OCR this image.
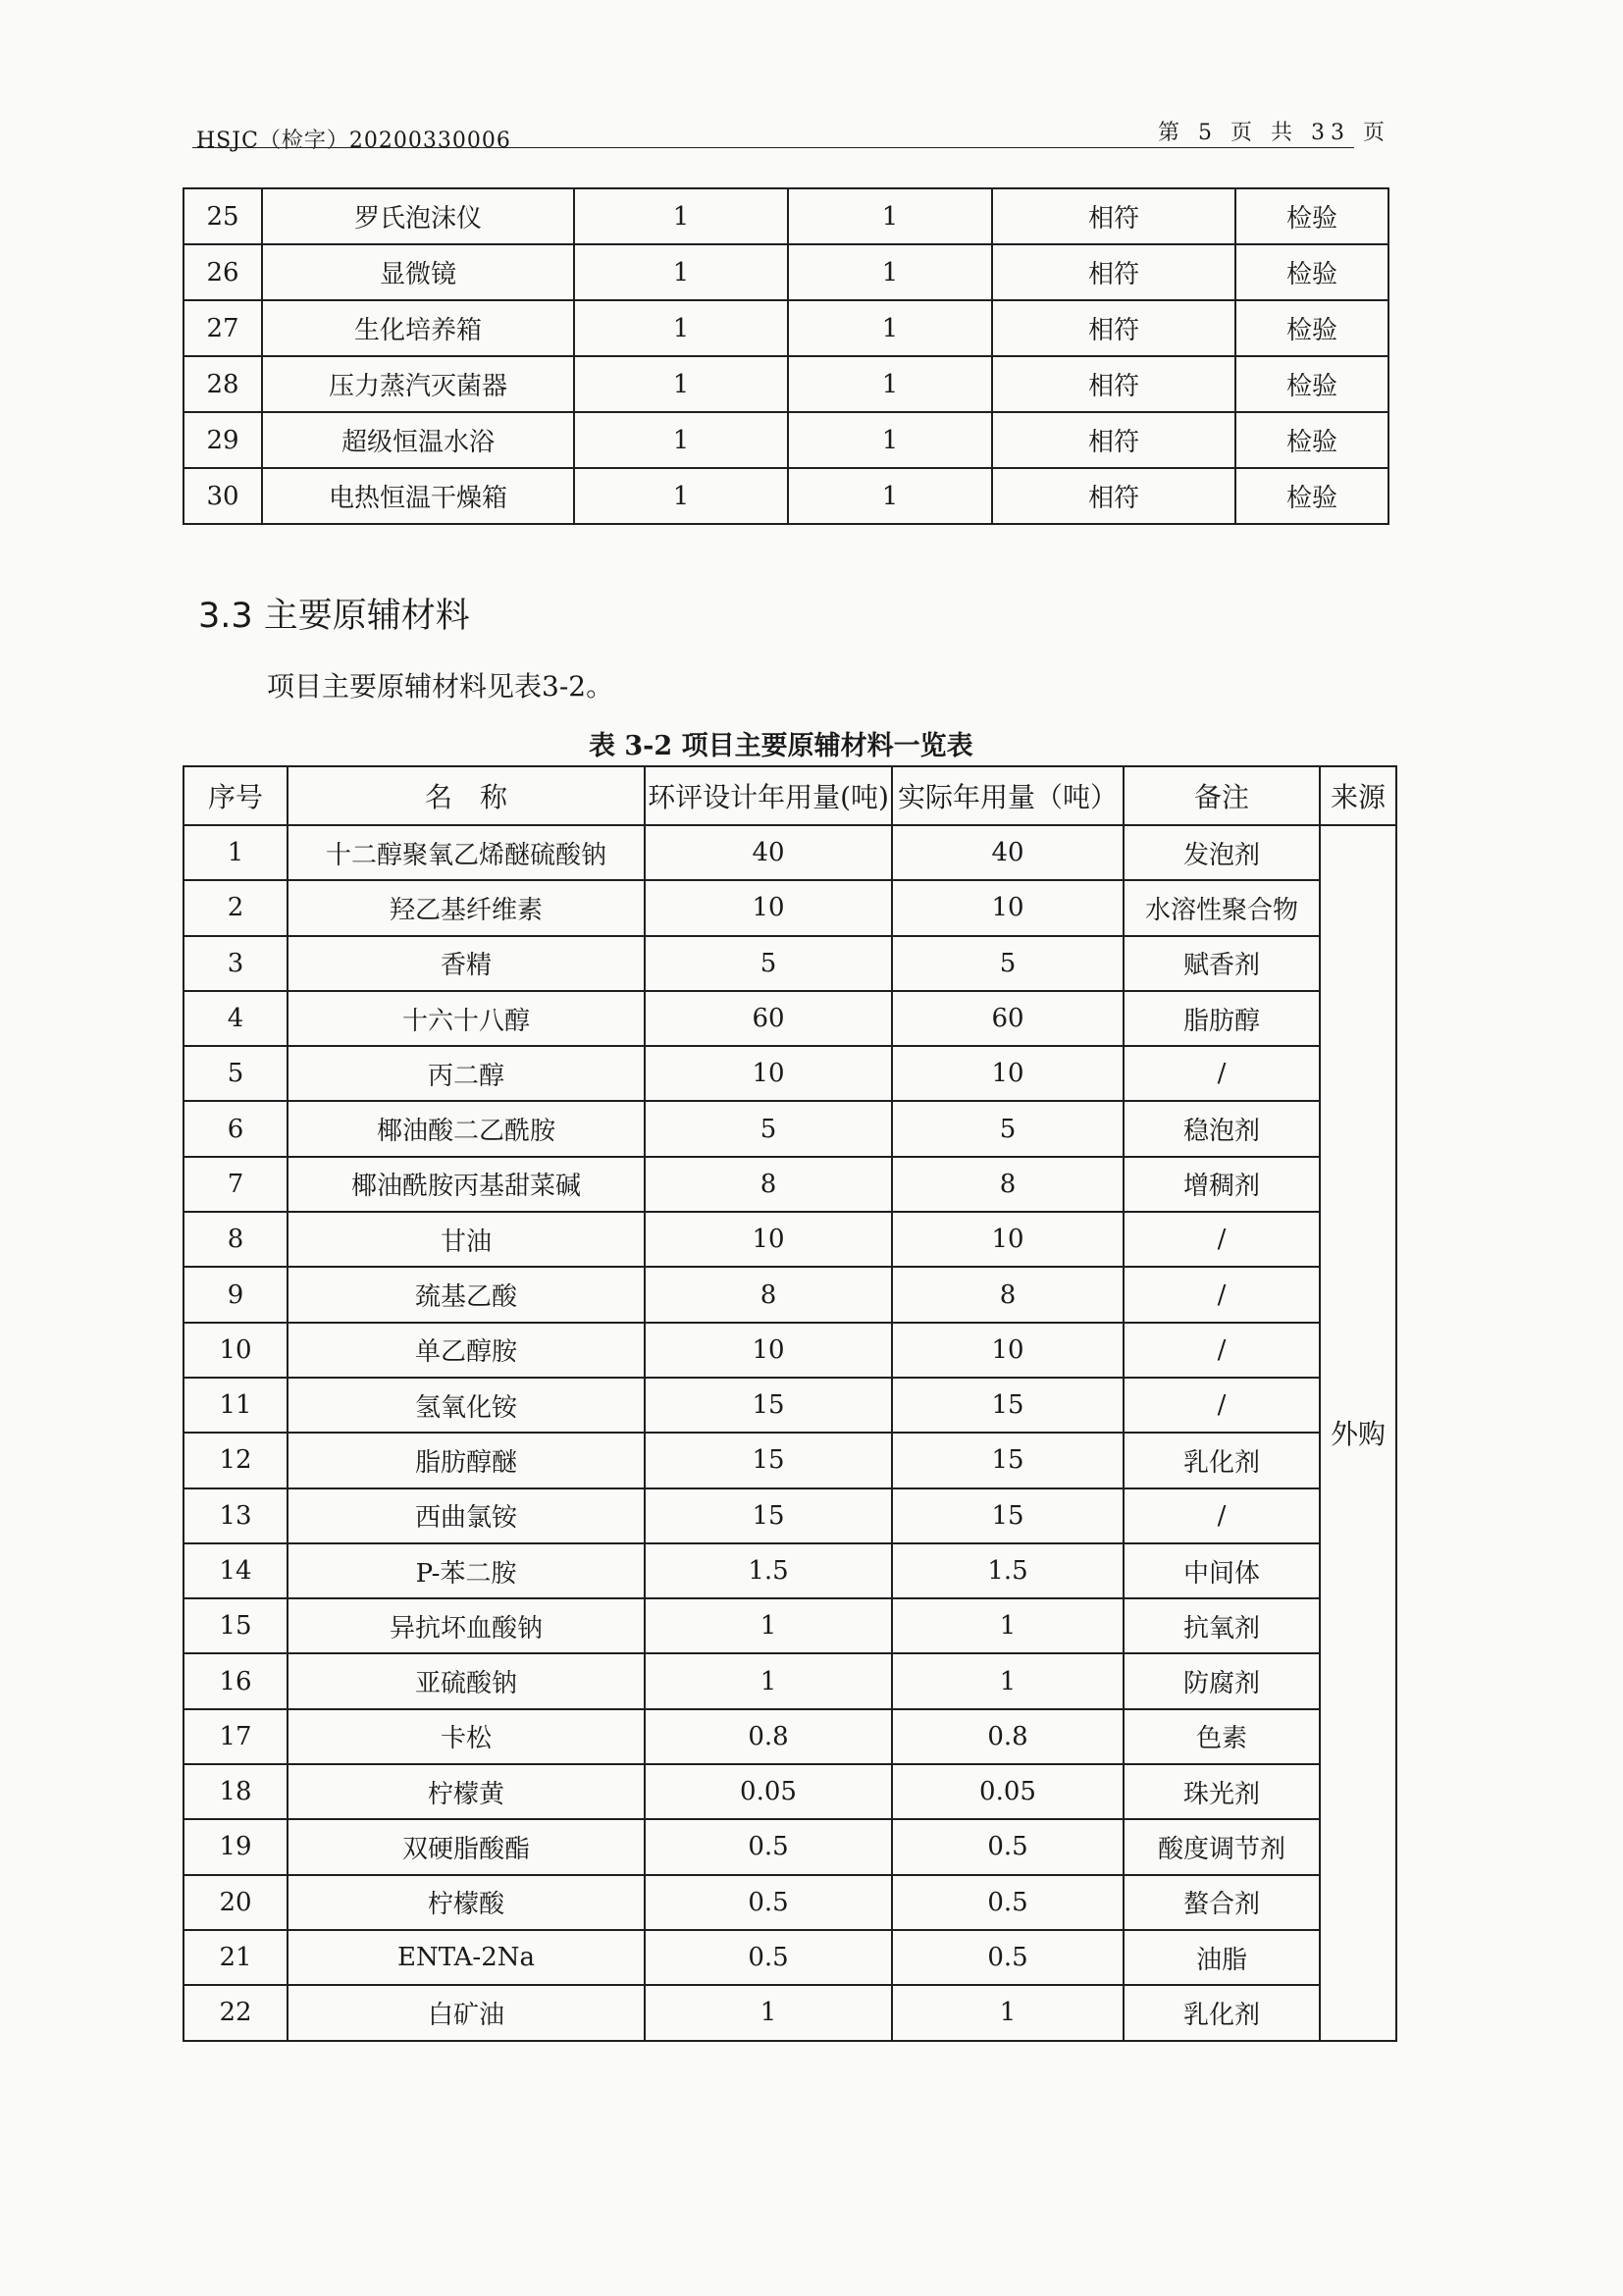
HSJC（检字）20200330006	第 5 页 共 33 页
25	罗氏泡沫仪	1	1	相符	检验
26	显微镜	1	1	相符	检验
27	生化培养箱	1	1	相符	检验
28	压力蒸汽灭菌器	1	1	相符	检验
29	超级恒温水浴	1	1	相符	检验
30	电热恒温干燥箱	1	1	相符	检验
3.3 主要原辅材料
项目主要原辅材料见表3-2。
表 3-2 项目主要原辅材料一览表
序号	名　称	环评设计年用量(吨)	实际年用量（吨）	备注	来源
1	十二醇聚氧乙烯醚硫酸钠	40	40	发泡剂	外购
2	羟乙基纤维素	10	10	水溶性聚合物	
3	香精	5	5	赋香剂	
4	十六十八醇	60	60	脂肪醇	
5	丙二醇	10	10	/	
6	椰油酸二乙酰胺	5	5	稳泡剂	
7	椰油酰胺丙基甜菜碱	8	8	增稠剂	
8	甘油	10	10	/	
9	巯基乙酸	8	8	/	
10	单乙醇胺	10	10	/	
11	氢氧化铵	15	15	/	
12	脂肪醇醚	15	15	乳化剂	
13	西曲氯铵	15	15	/	
14	P-苯二胺	1.5	1.5	中间体	
15	异抗坏血酸钠	1	1	抗氧剂	
16	亚硫酸钠	1	1	防腐剂	
17	卡松	0.8	0.8	色素	
18	柠檬黄	0.05	0.05	珠光剂	
19	双硬脂酸酯	0.5	0.5	酸度调节剂	
20	柠檬酸	0.5	0.5	螯合剂	
21	ENTA-2Na	0.5	0.5	油脂	
22	白矿油	1	1	乳化剂	
